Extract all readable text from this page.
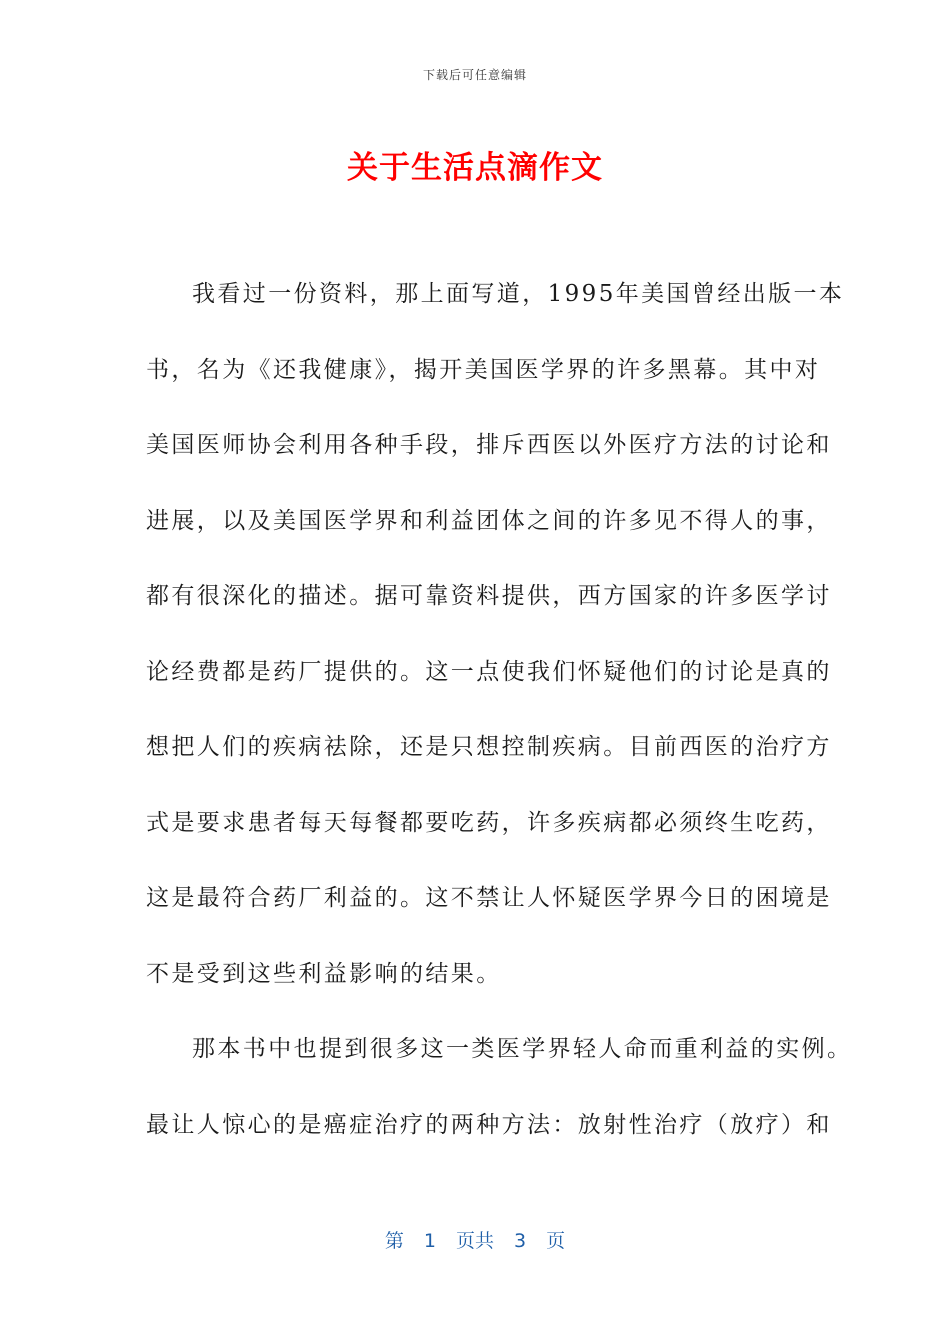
下载后可任意编辑
关于生活点滴作文
我看过一份资料，那上面写道，1995年美国曾经出版一本
书，名为《还我健康》，揭开美国医学界的许多黑幕。其中对
美国医师协会利用各种手段，排斥西医以外医疗方法的讨论和
进展，以及美国医学界和利益团体之间的许多见不得人的事，
都有很深化的描述。据可靠资料提供，西方国家的许多医学讨
论经费都是药厂提供的。这一点使我们怀疑他们的讨论是真的
想把人们的疾病祛除，还是只想控制疾病。目前西医的治疗方
式是要求患者每天每餐都要吃药，许多疾病都必须终生吃药，
这是最符合药厂利益的。这不禁让人怀疑医学界今日的困境是
不是受到这些利益影响的结果。
那本书中也提到很多这一类医学界轻人命而重利益的实例。
最让人惊心的是癌症治疗的两种方法：放射性治疗（放疗）和
第 1 页共 3 页
